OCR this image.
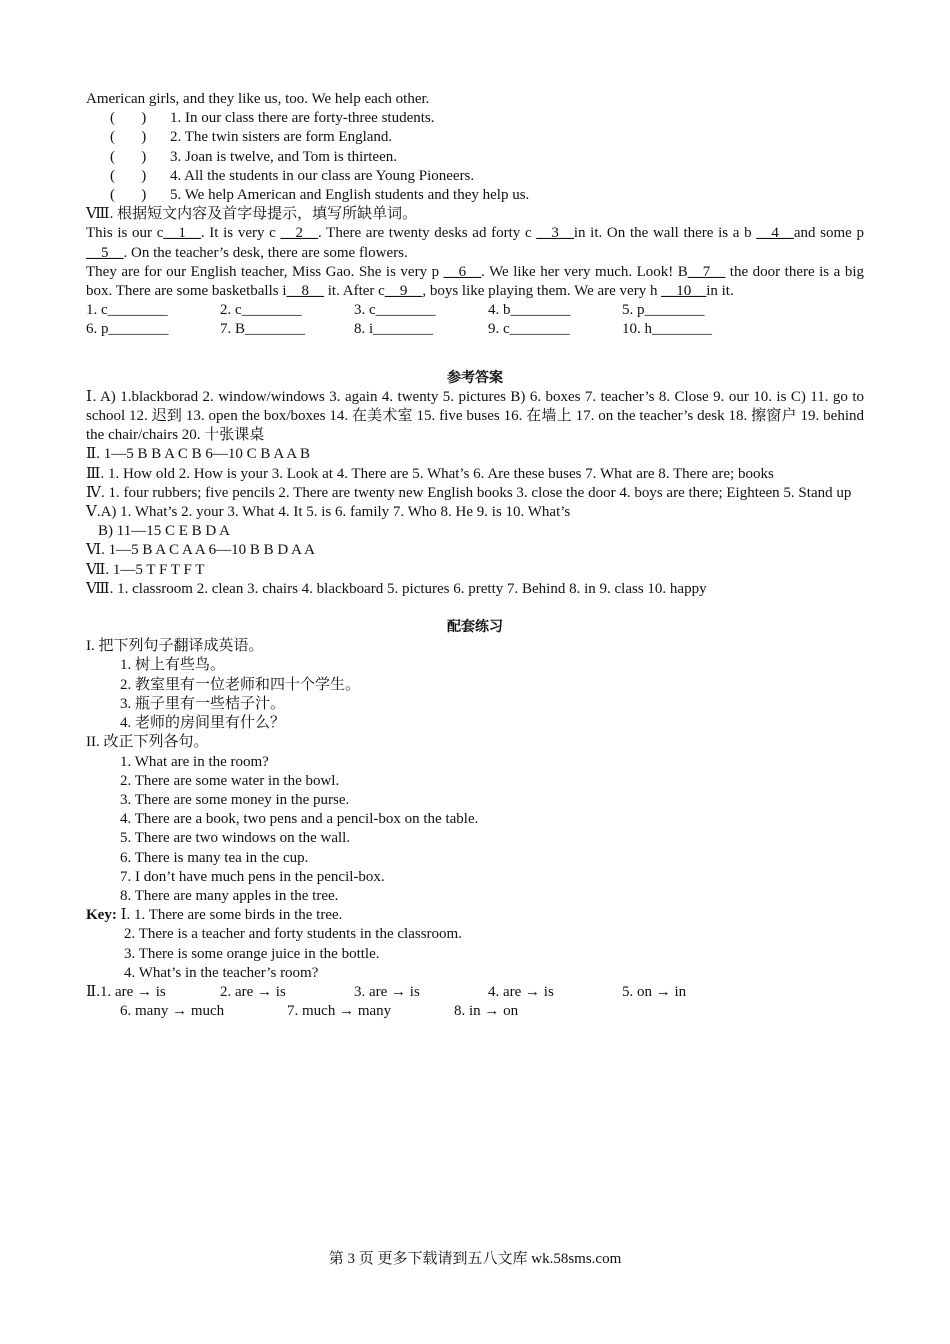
American girls, and they like us, too. We help each other.
(       ) 1. In our class there are forty-three students.
(       ) 2. The twin sisters are form England.
(       ) 3. Joan is twelve, and Tom is thirteen.
(       ) 4. All the students in our class are Young Pioneers.
(       ) 5. We help American and English students and they help us.
Ⅷ. 根据短文内容及首字母提示，填写所缺单词。
This is our c__1__. It is very c __2__. There are twenty desks ad forty c __3__in it. On the wall there is a b __4__and some p __5__. On the teacher’s desk, there are some flowers.
They are for our English teacher, Miss Gao. She is very p __6__. We like her very much. Look! B__7__ the door there is a big box. There are some basketballs i__8__ it. After c__9__, boys like playing them. We are very h __10__in it.
1. c________	2. c________	3. c________	4. b________	5. p________
6. p________	7. B________	8. i________	9. c________	10. h________
参考答案
Ⅰ. A) 1.blackborad 2. window/windows 3. again 4. twenty 5. pictures B) 6. boxes 7. teacher’s 8. Close 9. our 10. is C) 11. go to school 12. 迟到 13. open the box/boxes 14. 在美术室 15. five buses 16. 在墙上 17. on the teacher’s desk 18. 擦窗户 19. behind the chair/chairs 20. 十张课桌
Ⅱ. 1—5 B B A C B 6—10 C B A A B
Ⅲ. 1. How old 2. How is your 3. Look at 4. There are 5. What’s 6. Are these buses 7. What are 8. There are; books
Ⅳ. 1. four rubbers; five pencils 2. There are twenty new English books 3. close the door 4. boys are there; Eighteen 5. Stand up
Ⅴ.A) 1. What’s 2. your 3. What 4. It 5. is 6. family 7. Who 8. He 9. is 10. What’s
B) 11—15 C E B D A
Ⅵ. 1—5 B A C A A 6—10 B B D A A
Ⅶ. 1—5 T F T F T
Ⅷ. 1. classroom 2. clean 3. chairs 4. blackboard 5. pictures 6. pretty 7. Behind 8. in 9. class 10. happy
配套练习
I. 把下列句子翻译成英语。
1. 树上有些鸟。
2. 教室里有一位老师和四十个学生。
3. 瓶子里有一些桔子汁。
4. 老师的房间里有什么？
II. 改正下列各句。
1. What are in the room?
2. There are some water in the bowl.
3. There are some money in the purse.
4. There are a book, two pens and a pencil-box on the table.
5. There are two windows on the wall.
6. There is many tea in the cup.
7. I don’t have much pens in the pencil-box.
8. There are many apples in the tree.
Key: Ⅰ. 1. There are some birds in the tree.
2. There is a teacher and forty students in the classroom.
3. There is some orange juice in the bottle.
4. What’s in the teacher’s room?
Ⅱ.1. are → is	2. are → is	3. are → is	4. are → is	5. on → in
6. many → much	7. much → many	8. in → on
第 3 页 更多下载请到五八文库 wk.58sms.com
